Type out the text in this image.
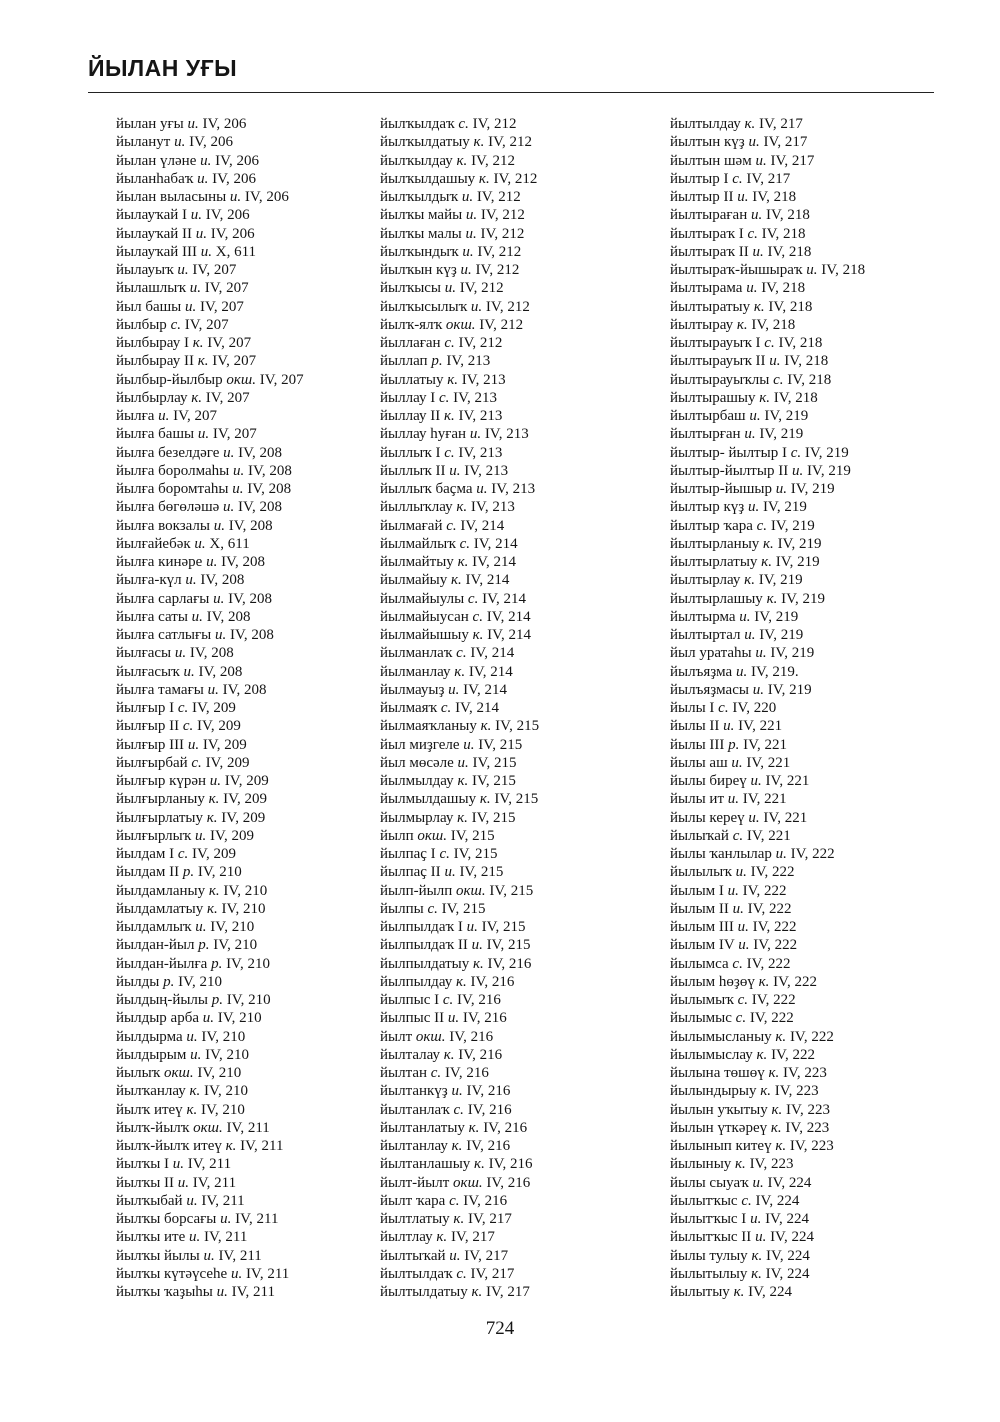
ЙЫЛАН УҒЫ
йылан уғы и. IV, 206
йыланут и. IV, 206
йылан үләне и. IV, 206
йыланһабаҡ и. IV, 206
йылан выласыны и. IV, 206
йылауҡай I и. IV, 206
йылауҡай II и. IV, 206
йылауҡай III и. X, 611
йылауыҡ и. IV, 207
йылашлыҡ и. IV, 207
йыл башы и. IV, 207
йылбыр с. IV, 207
йылбырау I к. IV, 207
йылбырау II к. IV, 207
йылбыр-йылбыр окш. IV, 207
йылбырлау к. IV, 207
йылға и. IV, 207
йылға башы и. IV, 207
йылға безелдәге и. IV, 208
йылға боролмаһы и. IV, 208
йылға боромтаһы и. IV, 208
йылға бөгөләшә и. IV, 208
йылға вокзалы и. IV, 208
йылғайебәк и. X, 611
йылға кинәре и. IV, 208
йылға-күл и. IV, 208
йылға сарлағы и. IV, 208
йылға саты и. IV, 208
йылға сатлығы и. IV, 208
йылғасы и. IV, 208
йылғасыҡ и. IV, 208
йылға тамағы и. IV, 208
йылғыр I с. IV, 209
йылғыр II с. IV, 209
йылғыр III и. IV, 209
йылғырбай с. IV, 209
йылғыр күрән и. IV, 209
йылғырланыу к. IV, 209
йылғырлатыу к. IV, 209
йылғырлыҡ и. IV, 209
йылдам I с. IV, 209
йылдам II р. IV, 210
йылдамланыу к. IV, 210
йылдамлатыу к. IV, 210
йылдамлыҡ и. IV, 210
йылдан-йыл р. IV, 210
йылдан-йылға р. IV, 210
йылды р. IV, 210
йылдың-йылы р. IV, 210
йылдыр арба и. IV, 210
йылдырма и. IV, 210
йылдырым и. IV, 210
йылыҡ окш. IV, 210
йылҡанлау к. IV, 210
йылҡ итеү к. IV, 210
йылҡ-йылҡ окш. IV, 211
йылҡ-йылҡ итеү к. IV, 211
йылҡы I и. IV, 211
йылҡы II и. IV, 211
йылҡыбай и. IV, 211
йылҡы борсағы и. IV, 211
йылҡы ите и. IV, 211
йылҡы йылы и. IV, 211
йылҡы күтәүсеһе и. IV, 211
йылҡы ҡаҙыһы и. IV, 211
йылҡылдаҡ с. IV, 212
йылҡылдатыу к. IV, 212
йылҡылдау к. IV, 212
йылҡылдашыу к. IV, 212
йылҡылдыҡ и. IV, 212
йылҡы майы и. IV, 212
йылҡы малы и. IV, 212
йылҡындыҡ и. IV, 212
йылҡын күҙ и. IV, 212
йылҡысы и. IV, 212
йылҡысылыҡ и. IV, 212
йылҡ-ялҡ окш. IV, 212
йыллаған с. IV, 212
йыллап р. IV, 213
йыллатыу к. IV, 213
йыллау I с. IV, 213
йыллау II к. IV, 213
йыллау һуған и. IV, 213
йыллыҡ I с. IV, 213
йыллыҡ II и. IV, 213
йыллыҡ баҫма и. IV, 213
йыллыҡлау к. IV, 213
йылмағай с. IV, 214
йылмайлыҡ с. IV, 214
йылмайтыу к. IV, 214
йылмайыу к. IV, 214
йылмайыулы с. IV, 214
йылмайыусан с. IV, 214
йылмайышыу к. IV, 214
йылманлаҡ с. IV, 214
йылманлау к. IV, 214
йылмауыҙ и. IV, 214
йылмаяҡ с. IV, 214
йылмаяҡланыу к. IV, 215
йыл миҙгеле и. IV, 215
йыл мөсәле и. IV, 215
йылмылдау к. IV, 215
йылмылдашыу к. IV, 215
йылмырлау к. IV, 215
йылп окш. IV, 215
йылпаҫ I с. IV, 215
йылпаҫ II и. IV, 215
йылп-йылп окш. IV, 215
йылпы с. IV, 215
йылпылдаҡ I и. IV, 215
йылпылдаҡ II и. IV, 215
йылпылдатыу к. IV, 216
йылпылдау к. IV, 216
йылпыс I с. IV, 216
йылпыс II и. IV, 216
йылт окш. IV, 216
йылталау к. IV, 216
йылтан с. IV, 216
йылтанкүҙ и. IV, 216
йылтанлаҡ с. IV, 216
йылтанлатыу к. IV, 216
йылтанлау к. IV, 216
йылтанлашыу к. IV, 216
йылт-йылт окш. IV, 216
йылт ҡара с. IV, 216
йылтлатыу к. IV, 217
йылтлау к. IV, 217
йылтыҡай и. IV, 217
йылтылдаҡ с. IV, 217
йылтылдатыу к. IV, 217
йылтылдау к. IV, 217
йылтын күҙ и. IV, 217
йылтын шәм и. IV, 217
йылтыр I с. IV, 217
йылтыр II и. IV, 218
йылтыраған и. IV, 218
йылтыраҡ I с. IV, 218
йылтыраҡ II и. IV, 218
йылтыраҡ-йышыраҡ и. IV, 218
йылтырама и. IV, 218
йылтыратыу к. IV, 218
йылтырау к. IV, 218
йылтырауыҡ I с. IV, 218
йылтырауыҡ II и. IV, 218
йылтырауыҡлы с. IV, 218
йылтырашыу к. IV, 218
йылтырбаш и. IV, 219
йылтырған и. IV, 219
йылтыр- йылтыр I с. IV, 219
йылтыр-йылтыр II и. IV, 219
йылтыр-йышыр и. IV, 219
йылтыр күҙ и. IV, 219
йылтыр ҡара с. IV, 219
йылтырланыу к. IV, 219
йылтырлатыу к. IV, 219
йылтырлау к. IV, 219
йылтырлашыу к. IV, 219
йылтырма и. IV, 219
йылтыртал и. IV, 219
йыл уратаһы и. IV, 219
йылъяҙма и. IV, 219.
йылъяҙмасы и. IV, 219
йылы I с. IV, 220
йылы II и. IV, 221
йылы III р. IV, 221
йылы аш и. IV, 221
йылы биреү и. IV, 221
йылы ит и. IV, 221
йылы кереү и. IV, 221
йылыҡай с. IV, 221
йылы ҡанлылар и. IV, 222
йылылыҡ и. IV, 222
йылым I и. IV, 222
йылым II и. IV, 222
йылым III и. IV, 222
йылым IV и. IV, 222
йылымса с. IV, 222
йылым һөҙөү к. IV, 222
йылымыҡ с. IV, 222
йылымыс с. IV, 222
йылымысланыу к. IV, 222
йылымыслау к. IV, 222
йылына төшөү к. IV, 223
йылындырыу к. IV, 223
йылын уҡытыу к. IV, 223
йылын үткәреү к. IV, 223
йылынып китеү к. IV, 223
йылыныу к. IV, 223
йылы сыуаҡ и. IV, 224
йылытҡыс с. IV, 224
йылытҡыс I и. IV, 224
йылытҡыс II и. IV, 224
йылы тулыу к. IV, 224
йылытылыу к. IV, 224
йылытыу к. IV, 224
724
